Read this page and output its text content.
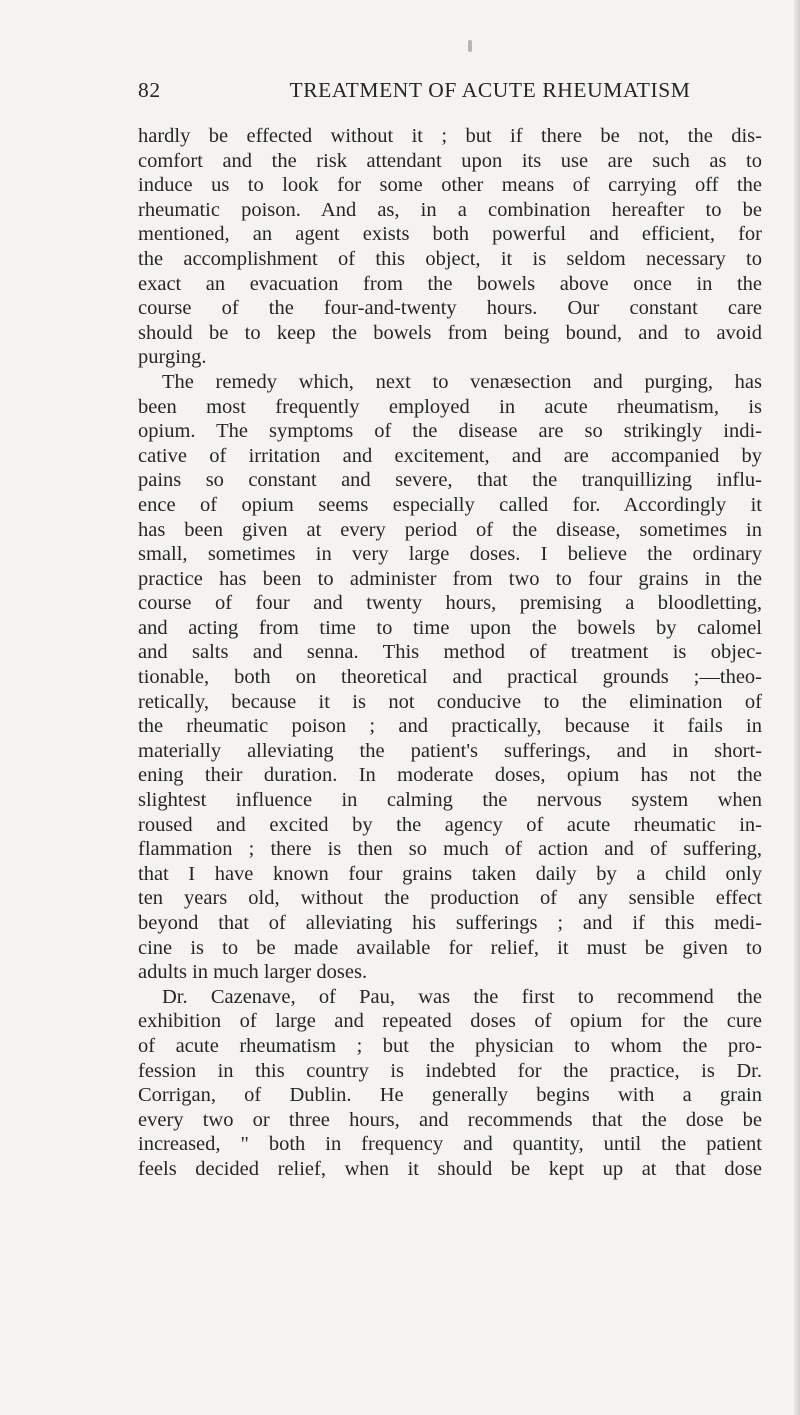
82	TREATMENT OF ACUTE RHEUMATISM
hardly be effected without it ; but if there be not, the dis-
comfort and the risk attendant upon its use are such as to
induce us to look for some other means of carrying off the
rheumatic poison. And as, in a combination hereafter to be
mentioned, an agent exists both powerful and efficient, for
the accomplishment of this object, it is seldom necessary to
exact an evacuation from the bowels above once in the
course of the four-and-twenty hours. Our constant care
should be to keep the bowels from being bound, and to avoid
purging.
The remedy which, next to venæsection and purging, has
been most frequently employed in acute rheumatism, is
opium. The symptoms of the disease are so strikingly indi-
cative of irritation and excitement, and are accompanied by
pains so constant and severe, that the tranquillizing influ-
ence of opium seems especially called for. Accordingly it
has been given at every period of the disease, sometimes in
small, sometimes in very large doses. I believe the ordinary
practice has been to administer from two to four grains in the
course of four and twenty hours, premising a bloodletting,
and acting from time to time upon the bowels by calomel
and salts and senna. This method of treatment is objec-
tionable, both on theoretical and practical grounds ;—theo-
retically, because it is not conducive to the elimination of
the rheumatic poison ; and practically, because it fails in
materially alleviating the patient's sufferings, and in short-
ening their duration. In moderate doses, opium has not the
slightest influence in calming the nervous system when
roused and excited by the agency of acute rheumatic in-
flammation ; there is then so much of action and of suffering,
that I have known four grains taken daily by a child only
ten years old, without the production of any sensible effect
beyond that of alleviating his sufferings ; and if this medi-
cine is to be made available for relief, it must be given to
adults in much larger doses.
Dr. Cazenave, of Pau, was the first to recommend the
exhibition of large and repeated doses of opium for the cure
of acute rheumatism ; but the physician to whom the pro-
fession in this country is indebted for the practice, is Dr.
Corrigan, of Dublin. He generally begins with a grain
every two or three hours, and recommends that the dose be
increased, " both in frequency and quantity, until the patient
feels decided relief, when it should be kept up at that dose
